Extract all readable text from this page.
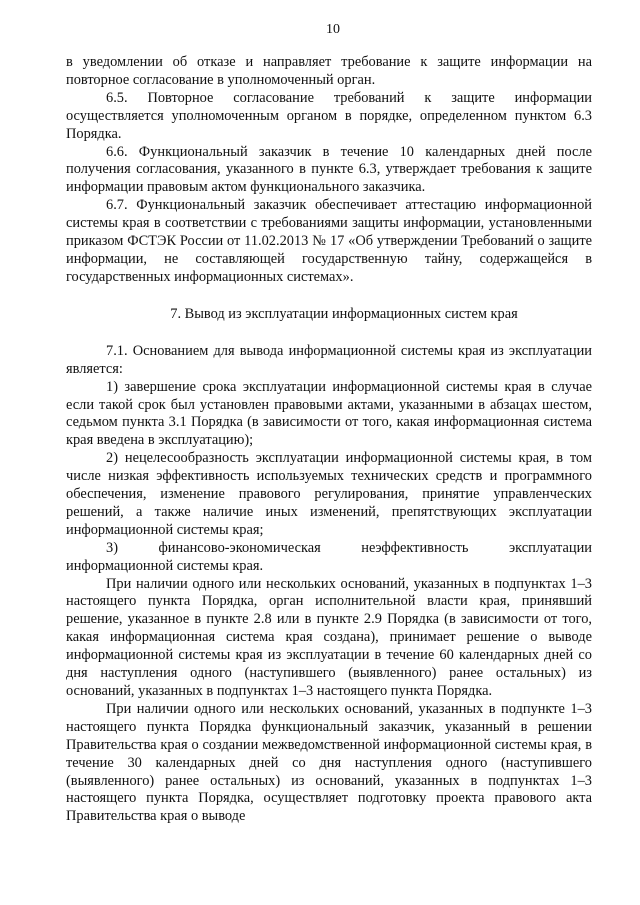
10

в уведомлении об отказе и направляет требование к защите информации на повторное согласование в уполномоченный орган.

6.5. Повторное согласование требований к защите информации осуществляется уполномоченным органом в порядке, определенном пунктом 6.3 Порядка.

6.6. Функциональный заказчик в течение 10 календарных дней после получения согласования, указанного в пункте 6.3, утверждает требования к защите информации правовым актом функционального заказчика.

6.7. Функциональный заказчик обеспечивает аттестацию информационной системы края в соответствии с требованиями защиты информации, установленными приказом ФСТЭК России от 11.02.2013 № 17 «Об утверждении Требований о защите информации, не составляющей государственную тайну, содержащейся в государственных информационных системах».

7. Вывод из эксплуатации информационных систем края

7.1. Основанием для вывода информационной системы края из эксплуатации является:

1) завершение срока эксплуатации информационной системы края в случае если такой срок был установлен правовыми актами, указанными в абзацах шестом, седьмом пункта 3.1 Порядка (в зависимости от того, какая информационная система края введена в эксплуатацию);

2) нецелесообразность эксплуатации информационной системы края, в том числе низкая эффективность используемых технических средств и программного обеспечения, изменение правового регулирования, принятие управленческих решений, а также наличие иных изменений, препятствующих эксплуатации информационной системы края;

3) финансово-экономическая неэффективность эксплуатации информационной системы края.

При наличии одного или нескольких оснований, указанных в подпунктах 1–3 настоящего пункта Порядка, орган исполнительной власти края, принявший решение, указанное в пункте 2.8 или в пункте 2.9 Порядка (в зависимости от того, какая информационная система края создана), принимает решение о выводе информационной системы края из эксплуатации в течение 60 календарных дней со дня наступления одного (наступившего (выявленного) ранее остальных) из оснований, указанных в подпунктах 1–3 настоящего пункта Порядка.

При наличии одного или нескольких оснований, указанных в подпункте 1–3 настоящего пункта Порядка функциональный заказчик, указанный в решении Правительства края о создании межведомственной информационной системы края, в течение 30 календарных дней со дня наступления одного (наступившего (выявленного) ранее остальных) из оснований, указанных в подпунктах 1–3 настоящего пункта Порядка, осуществляет подготовку проекта правового акта Правительства края о выводе
